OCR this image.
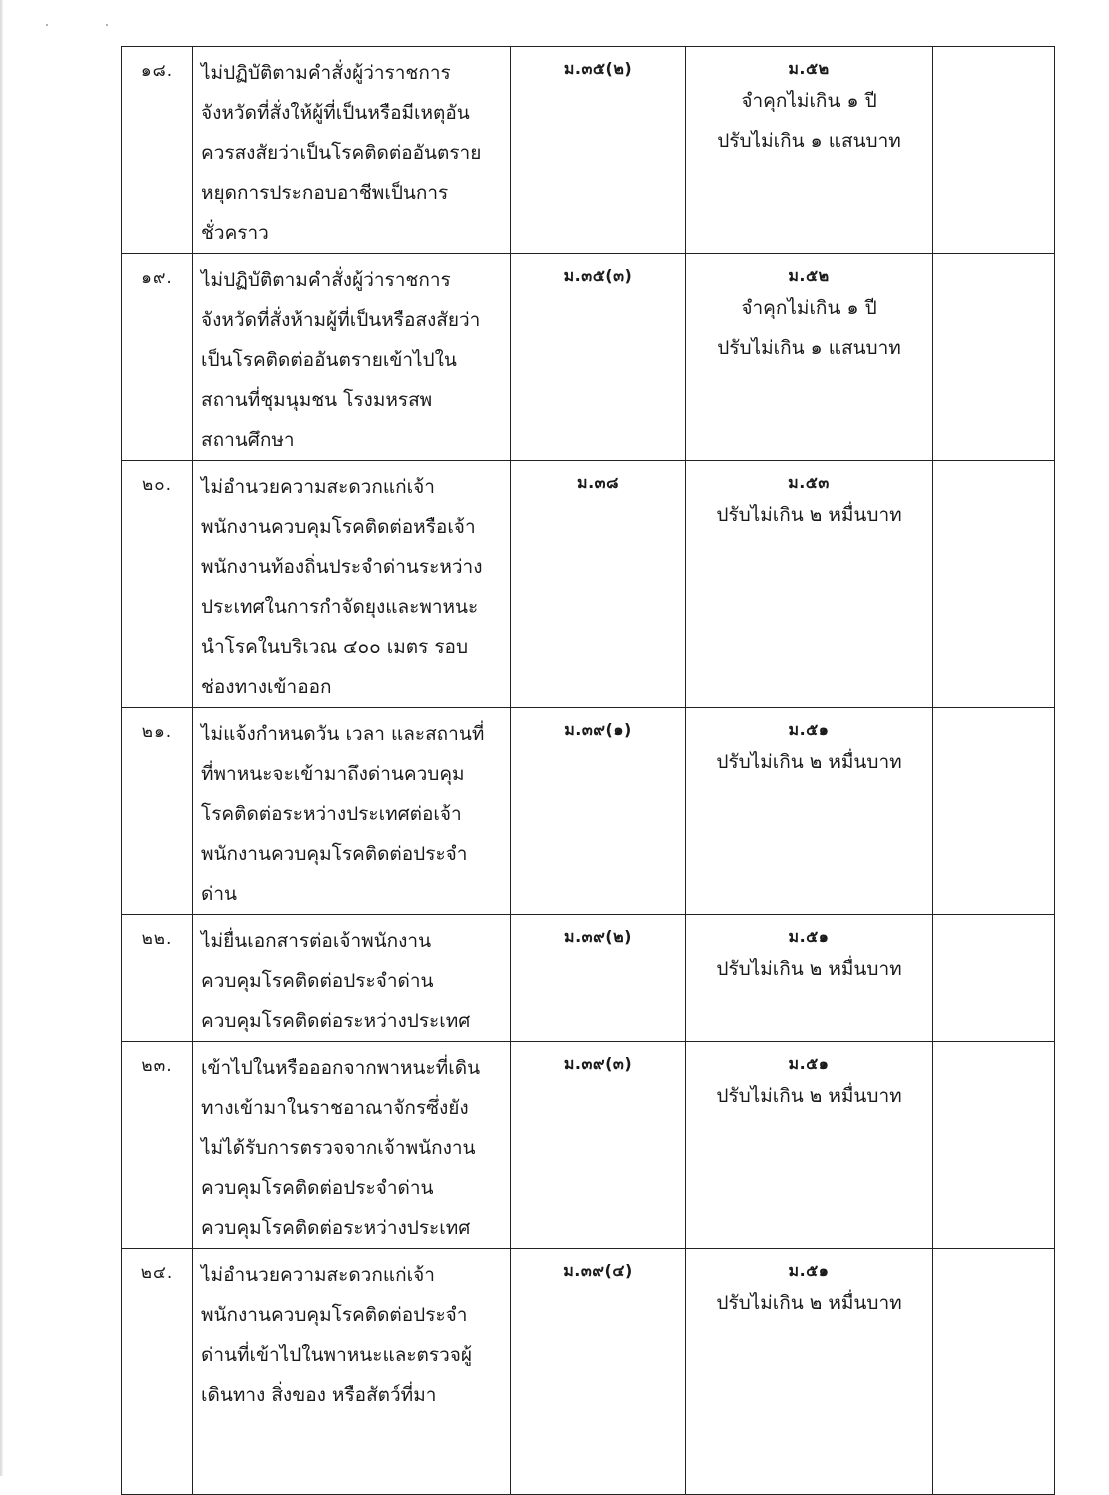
๑๘.	ไม่ปฏิบัติตามคำสั่งผู้ว่าราชการ
จังหวัดที่สั่งให้ผู้ที่เป็นหรือมีเหตุอัน
ควรสงสัยว่าเป็นโรคติดต่ออันตราย
หยุดการประกอบอาชีพเป็นการ
ชั่วคราว	ม.๓๕(๒)	ม.๕๒
จำคุกไม่เกิน ๑ ปี
ปรับไม่เกิน ๑ แสนบาท	

๑๙.	ไม่ปฏิบัติตามคำสั่งผู้ว่าราชการ
จังหวัดที่สั่งห้ามผู้ที่เป็นหรือสงสัยว่า
เป็นโรคติดต่ออันตรายเข้าไปใน
สถานที่ชุมนุมชน โรงมหรสพ
สถานศึกษา	ม.๓๕(๓)	ม.๕๒
จำคุกไม่เกิน ๑ ปี
ปรับไม่เกิน ๑ แสนบาท	

๒๐.	ไม่อำนวยความสะดวกแก่เจ้า
พนักงานควบคุมโรคติดต่อหรือเจ้า
พนักงานท้องถิ่นประจำด่านระหว่าง
ประเทศในการกำจัดยุงและพาหนะ
นำโรคในบริเวณ ๔๐๐ เมตร รอบ
ช่องทางเข้าออก
	ม.๓๘	ม.๕๓
ปรับไม่เกิน ๒ หมื่นบาท

๒๑.	ไม่แจ้งกำหนดวัน เวลา และสถานที่
ที่พาหนะจะเข้ามาถึงด่านควบคุม
โรคติดต่อระหว่างประเทศต่อเจ้า
พนักงานควบคุมโรคติดต่อประจำ
ด่าน	ม.๓๙(๑)	ม.๕๑
ปรับไม่เกิน ๒ หมื่นบาท	

๒๒.	ไม่ยื่นเอกสารต่อเจ้าพนักงาน
ควบคุมโรคติดต่อประจำด่าน
ควบคุมโรคติดต่อระหว่างประเทศ	ม.๓๙(๒)	ม.๕๑
ปรับไม่เกิน ๒ หมื่นบาท	

๒๓.	เข้าไปในหรือออกจากพาหนะที่เดิน
ทางเข้ามาในราชอาณาจักรซึ่งยัง
ไม่ได้รับการตรวจจากเจ้าพนักงาน
ควบคุมโรคติดต่อประจำด่าน
ควบคุมโรคติดต่อระหว่างประเทศ	ม.๓๙(๓)	ม.๕๑
ปรับไม่เกิน ๒ หมื่นบาท	

๒๔.	ไม่อำนวยความสะดวกแก่เจ้า
พนักงานควบคุมโรคติดต่อประจำ
ด่านที่เข้าไปในพาหนะและตรวจผู้
เดินทาง สิ่งของ หรือสัตว์ที่มา	ม.๓๙(๔)	ม.๕๑
ปรับไม่เกิน ๒ หมื่นบาท	
